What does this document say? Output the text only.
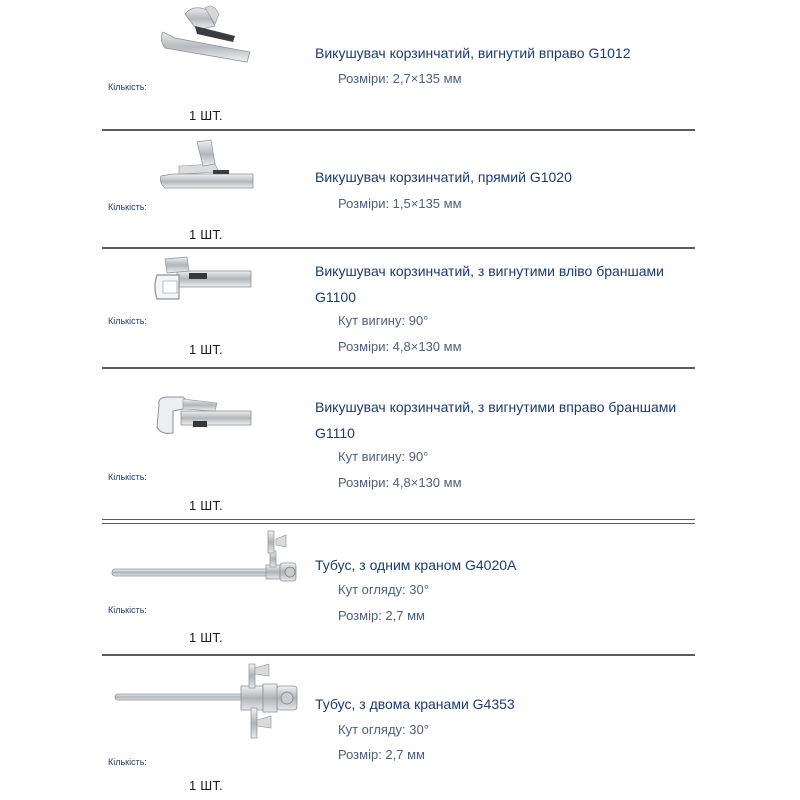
Викушувач корзинчатий, вигнутий вправо G1012
Розміри: 2,7×135 мм
Кількість:
1 ШТ.
Викушувач корзинчатий, прямий G1020
Розміри: 1,5×135 мм
Кількість:
1 ШТ.
Викушувач корзинчатий, з вигнутими вліво браншами G1100
Кут вигину: 90°
Розміри: 4,8×130 мм
Кількість:
1 ШТ.
Викушувач корзинчатий, з вигнутими вправо браншами G1110
Кут вигину: 90°
Розміри: 4,8×130 мм
Кількість:
1 ШТ.
Тубус, з одним краном G4020A
Кут огляду: 30°
Розмір: 2,7 мм
Кількість:
1 ШТ.
Тубус, з двома кранами G4353
Кут огляду: 30°
Розмір: 2,7 мм
Кількість:
1 ШТ.
